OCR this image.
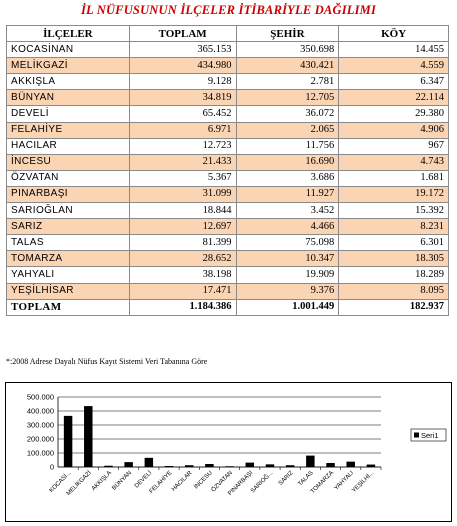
İL NÜFUSUNUN İLÇELER İTİBARİYLE DAĞILIMI
İLÇELER	TOPLAM	ŞEHİR	KÖY
KOCASİNAN	365.153	350.698	14.455
MELİKGAZİ	434.980	430.421	4.559
AKKIŞLA	9.128	2.781	6.347
BÜNYAN	34.819	12.705	22.114
DEVELİ	65.452	36.072	29.380
FELAHİYE	6.971	2.065	4.906
HACILAR	12.723	11.756	967
İNCESU	21.433	16.690	4.743
ÖZVATAN	5.367	3.686	1.681
PINARBAŞI	31.099	11.927	19.172
SARIOĞLAN	18.844	3.452	15.392
SARIZ	12.697	4.466	8.231
TALAS	81.399	75.098	6.301
TOMARZA	28.652	10.347	18.305
YAHYALI	38.198	19.909	18.289
YEŞİLHİSAR	17.471	9.376	8.095
TOPLAM	1.184.386	1.001.449	182.937
*:2008 Adrese Dayalı Nüfus Kayıt Sistemi Veri Tabanına Göre
500.000
400.000
300.000
200.000
100.000
0
KOCASİ...
MELİKGAZİ
AKKIŞLA
BÜNYAN DEVELİ
FELAHİYE
HACILAR İNCESU
ÖZVATAN
PINARBAŞI
SARIOĞ... SARIZ TALAS
TOMARZA
YAHYALI
YEŞİLHİ...
Seri1
